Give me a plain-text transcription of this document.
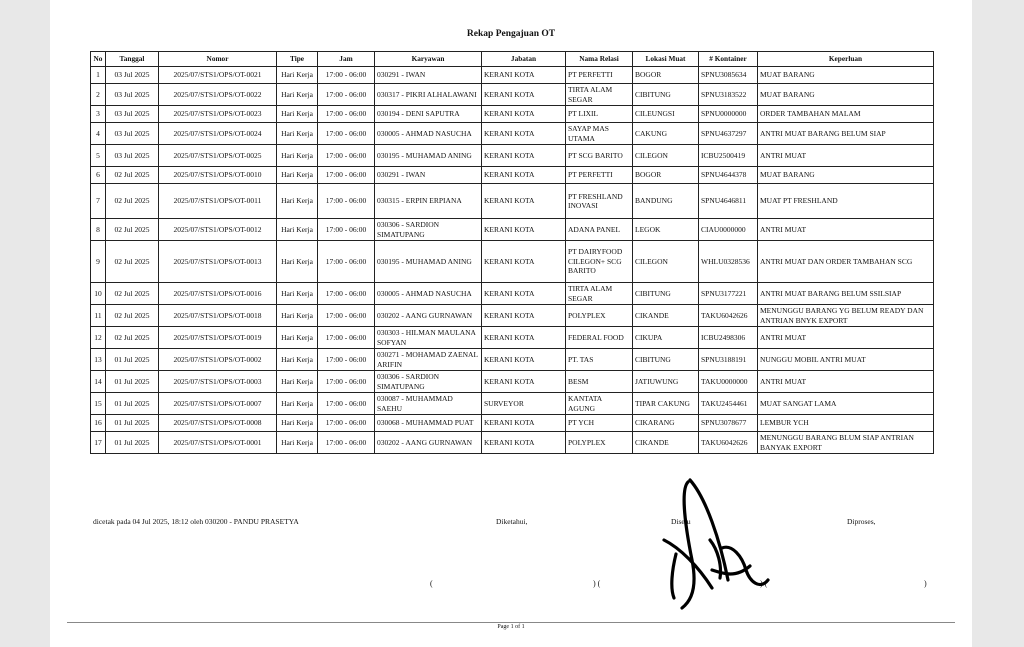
Rekap Pengajuan OT
No	Tanggal	Nomor	Tipe	Jam	Karyawan	Jabatan	Nama Relasi	Lokasi Muat	# Kontainer	Keperluan
1	03 Jul 2025	2025/07/STS1/OPS/OT-0021	Hari Kerja	17:00 - 06:00	030291 - IWAN	KERANI KOTA	PT PERFETTI	BOGOR	SPNU3085634	MUAT BARANG
2	03 Jul 2025	2025/07/STS1/OPS/OT-0022	Hari Kerja	17:00 - 06:00	030317 - PIKRI ALHALAWANI	KERANI KOTA	TIRTA ALAM SEGAR	CIBITUNG	SPNU3183522	MUAT BARANG
3	03 Jul 2025	2025/07/STS1/OPS/OT-0023	Hari Kerja	17:00 - 06:00	030194 - DENI SAPUTRA	KERANI KOTA	PT LIXIL	CILEUNGSI	SPNU0000000	ORDER TAMBAHAN MALAM
4	03 Jul 2025	2025/07/STS1/OPS/OT-0024	Hari Kerja	17:00 - 06:00	030005 - AHMAD NASUCHA	KERANI KOTA	SAYAP MAS UTAMA	CAKUNG	SPNU4637297	ANTRI MUAT BARANG BELUM SIAP
5	03 Jul 2025	2025/07/STS1/OPS/OT-0025	Hari Kerja	17:00 - 06:00	030195 - MUHAMAD ANING	KERANI KOTA	PT SCG BARITO	CILEGON	ICBU2500419	ANTRI MUAT
6	02 Jul 2025	2025/07/STS1/OPS/OT-0010	Hari Kerja	17:00 - 06:00	030291 - IWAN	KERANI KOTA	PT PERFETTI	BOGOR	SPNU4644378	MUAT BARANG
7	02 Jul 2025	2025/07/STS1/OPS/OT-0011	Hari Kerja	17:00 - 06:00	030315 - ERPIN ERPIANA	KERANI KOTA	PT FRESHLAND INOVASI	BANDUNG	SPNU4646811	MUAT PT FRESHLAND
8	02 Jul 2025	2025/07/STS1/OPS/OT-0012	Hari Kerja	17:00 - 06:00	030306 - SARDION SIMATUPANG	KERANI KOTA	ADANA PANEL	LEGOK	CIAU0000000	ANTRI MUAT
9	02 Jul 2025	2025/07/STS1/OPS/OT-0013	Hari Kerja	17:00 - 06:00	030195 - MUHAMAD ANING	KERANI KOTA	PT DAIRYFOOD CILEGON+ SCG BARITO	CILEGON	WHLU0328536	ANTRI MUAT DAN ORDER TAMBAHAN SCG
10	02 Jul 2025	2025/07/STS1/OPS/OT-0016	Hari Kerja	17:00 - 06:00	030005 - AHMAD NASUCHA	KERANI KOTA	TIRTA ALAM SEGAR	CIBITUNG	SPNU3177221	ANTRI MUAT BARANG BELUM SSILSIAP
11	02 Jul 2025	2025/07/STS1/OPS/OT-0018	Hari Kerja	17:00 - 06:00	030202 - AANG GURNAWAN	KERANI KOTA	POLYPLEX	CIKANDE	TAKU6042626	MENUNGGU BARANG YG BELUM READY DAN ANTRIAN BNYK EXPORT
12	02 Jul 2025	2025/07/STS1/OPS/OT-0019	Hari Kerja	17:00 - 06:00	030303 - HILMAN MAULANA SOFYAN	KERANI KOTA	FEDERAL FOOD	CIKUPA	ICBU2498306	ANTRI MUAT
13	01 Jul 2025	2025/07/STS1/OPS/OT-0002	Hari Kerja	17:00 - 06:00	030271 - MOHAMAD ZAENAL ARIFIN	KERANI KOTA	PT. TAS	CIBITUNG	SPNU3188191	NUNGGU MOBIL ANTRI MUAT
14	01 Jul 2025	2025/07/STS1/OPS/OT-0003	Hari Kerja	17:00 - 06:00	030306 - SARDION SIMATUPANG	KERANI KOTA	BESM	JATIUWUNG	TAKU0000000	ANTRI MUAT
15	01 Jul 2025	2025/07/STS1/OPS/OT-0007	Hari Kerja	17:00 - 06:00	030087 - MUHAMMAD SAEHU	SURVEYOR	KANTATA AGUNG	TIPAR CAKUNG	TAKU2454461	MUAT SANGAT LAMA
16	01 Jul 2025	2025/07/STS1/OPS/OT-0008	Hari Kerja	17:00 - 06:00	030068 - MUHAMMAD PUAT	KERANI KOTA	PT YCH	CIKARANG	SPNU3078677	LEMBUR YCH
17	01 Jul 2025	2025/07/STS1/OPS/OT-0001	Hari Kerja	17:00 - 06:00	030202 - AANG GURNAWAN	KERANI KOTA	POLYPLEX	CIKANDE	TAKU6042626	MENUNGGU BARANG BLUM SIAP ANTRIAN BANYAK EXPORT
dicetak pada 04 Jul 2025, 18:12 oleh 030200 - PANDU PRASETYA	Diketahui,	Disetu	Diproses,
(	) (	) (	)
Page 1 of 1
